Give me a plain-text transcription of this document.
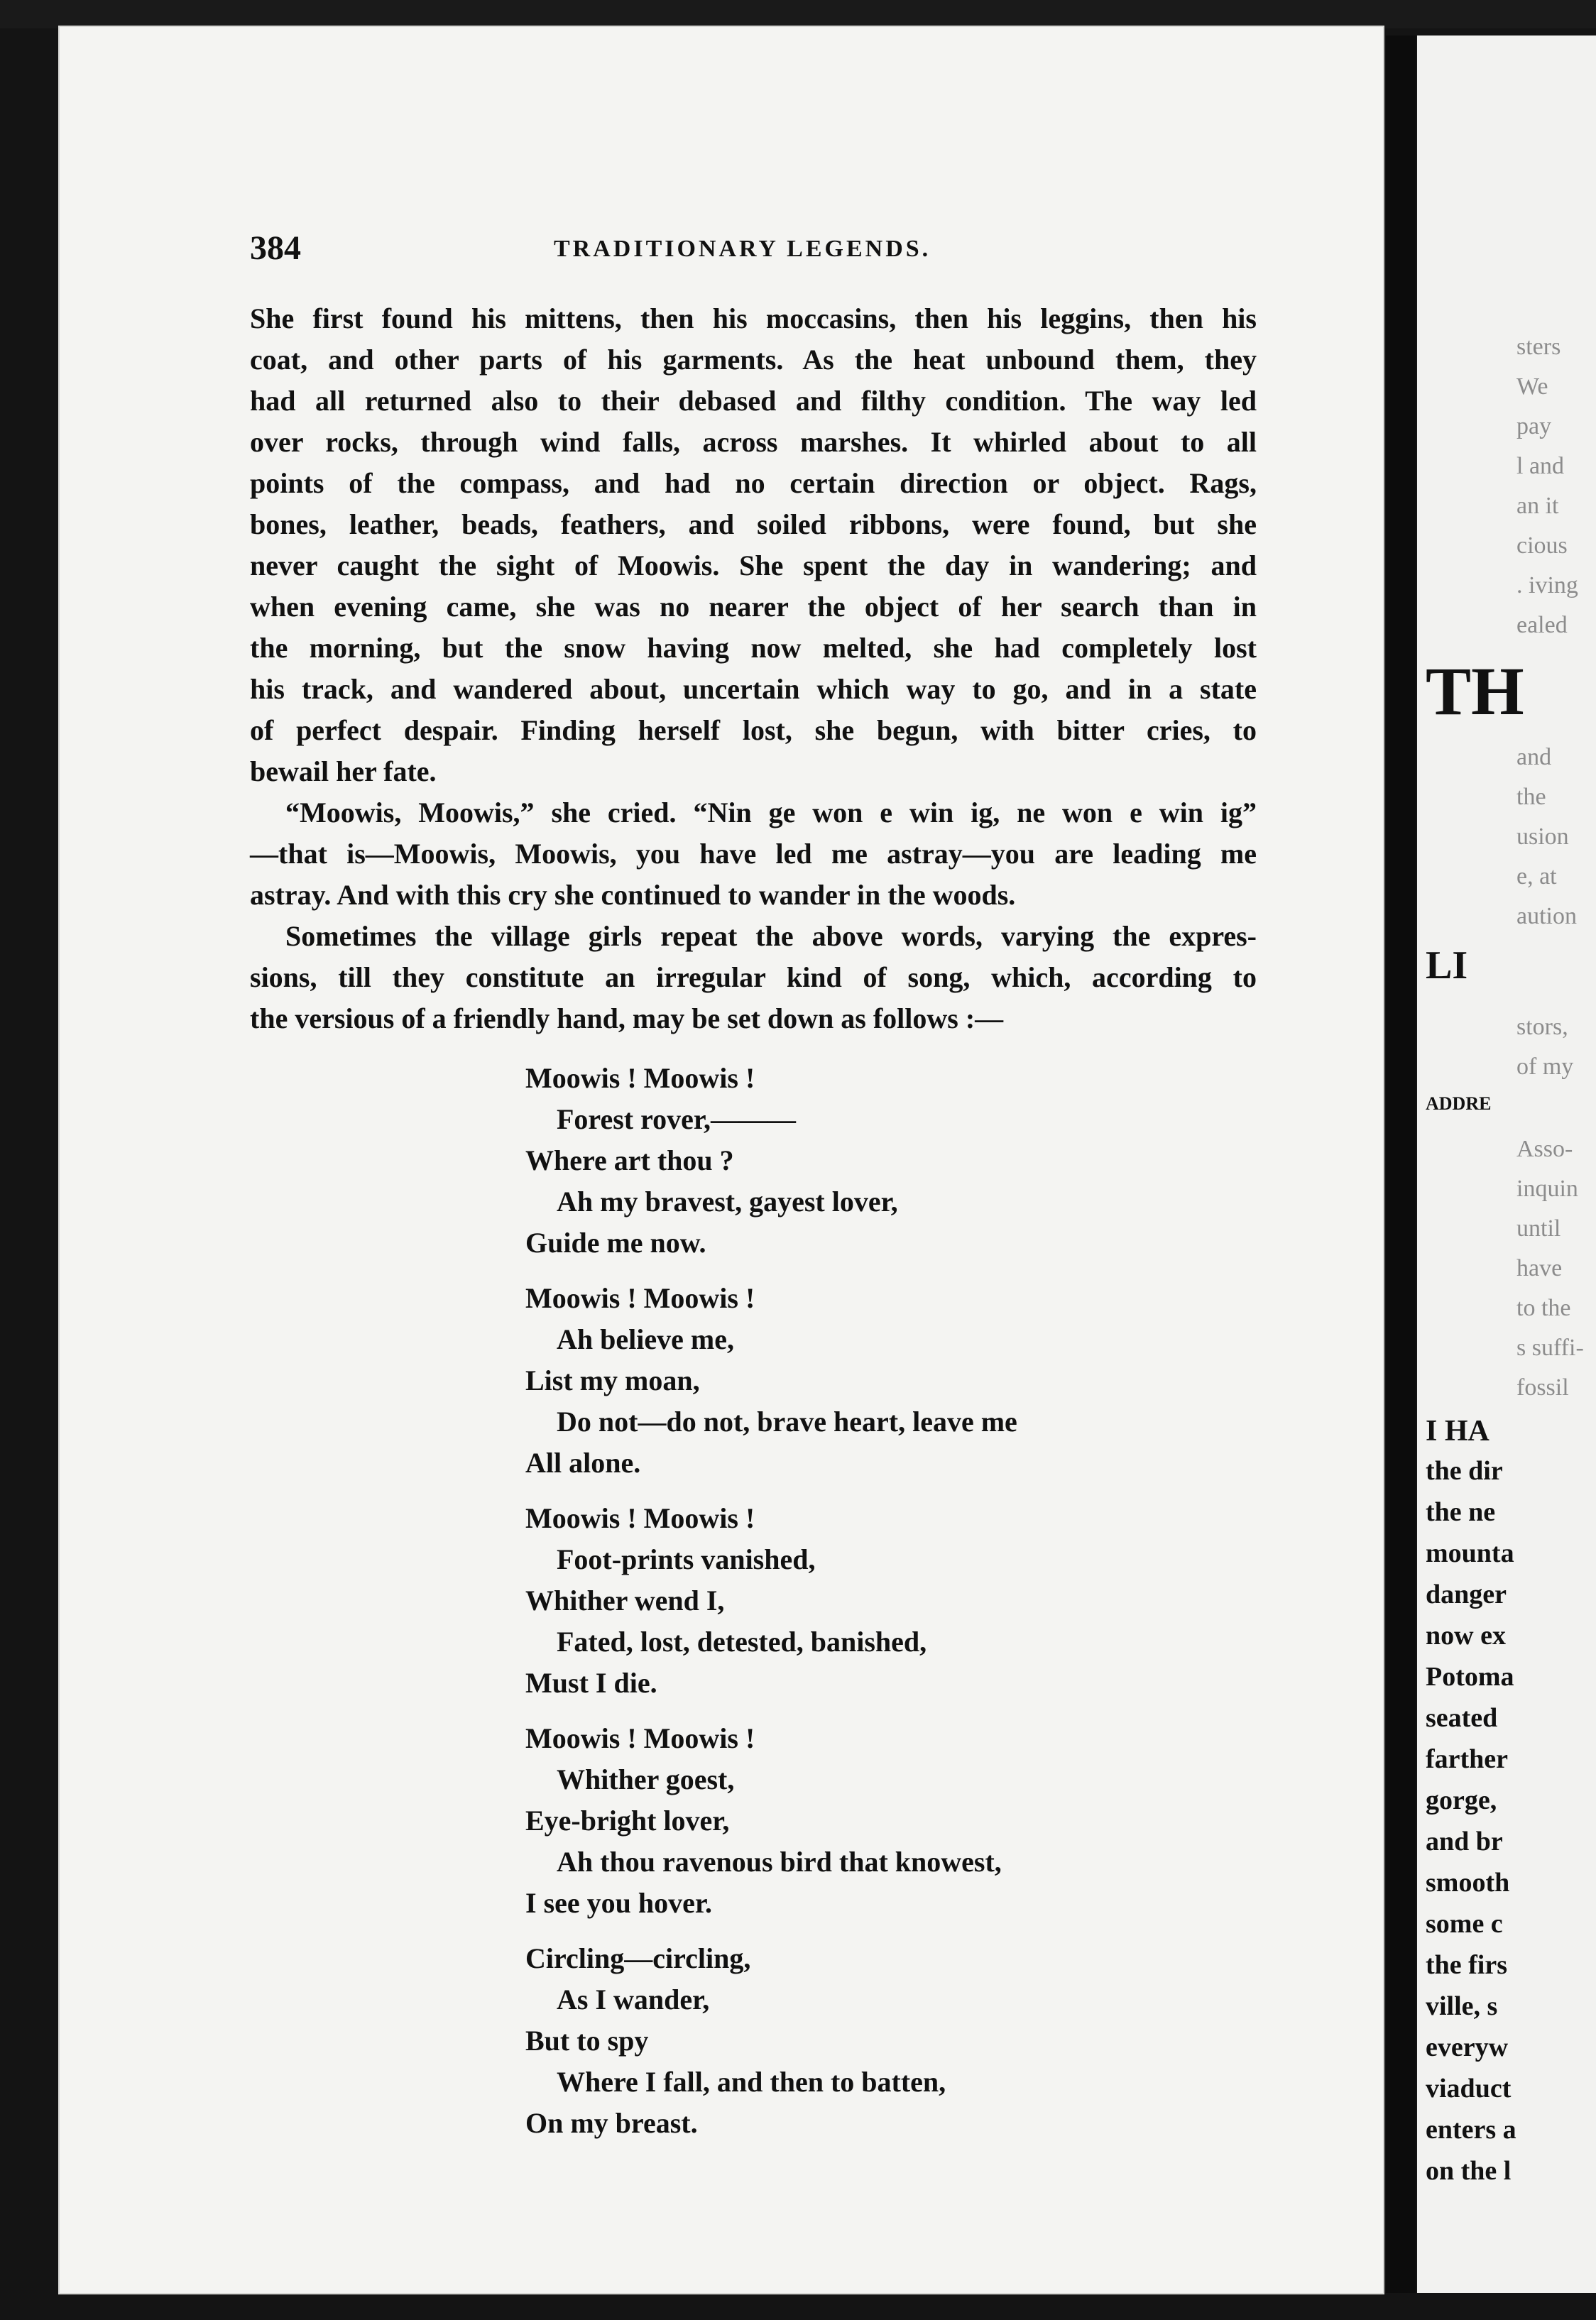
384	TRADITIONARY LEGENDS.

She first found his mittens, then his moccasins, then his leggins, then his

coat, and other parts of his garments. As the heat unbound them, they

had all returned also to their debased and filthy condition. The way led

over rocks, through wind falls, across marshes. It whirled about to all

points of the compass, and had no certain direction or object. Rags,

bones, leather, beads, feathers, and soiled ribbons, were found, but she

never caught the sight of Moowis. She spent the day in wandering; and

when evening came, she was no nearer the object of her search than in

the morning, but the snow having now melted, she had completely lost

his track, and wandered about, uncertain which way to go, and in a state

of perfect despair. Finding herself lost, she begun, with bitter cries, to

bewail her fate.

“Moowis, Moowis,” she cried. “Nin ge won e win ig, ne won e win ig”

—that is—Moowis, Moowis, you have led me astray—you are leading me

astray. And with this cry she continued to wander in the woods.

Sometimes the village girls repeat the above words, varying the expres-

sions, till they constitute an irregular kind of song, which, according to

the versious of a friendly hand, may be set down as follows :—

Moowis ! Moowis !
Forest rover,———
Where art thou ?
Ah my bravest, gayest lover,
Guide me now.
Moowis ! Moowis !
Ah believe me,
List my moan,
Do not—do not, brave heart, leave me
All alone.
Moowis ! Moowis !
Foot-prints vanished,
Whither wend I,
Fated, lost, detested, banished,
Must I die.
Moowis ! Moowis !
Whither goest,
Eye-bright lover,
Ah thou ravenous bird that knowest,
I see you hover.
Circling—circling,
As I wander,
But to spy
Where I fall, and then to batten,
On my breast.
sters
We
pay
l and
an it
cious
. iving
ealed
TH
and
the
usion
e, at
aution
LI
stors,
of my
ADDRE
Asso-
inquin
until
have
to the
s suffi-
fossil
I HA
the dir
the ne
mounta
danger
now ex
Potoma
seated
farther
gorge,
and br
smooth
some c
the firs
ville, s
everyw
viaduct
enters a
on the l
